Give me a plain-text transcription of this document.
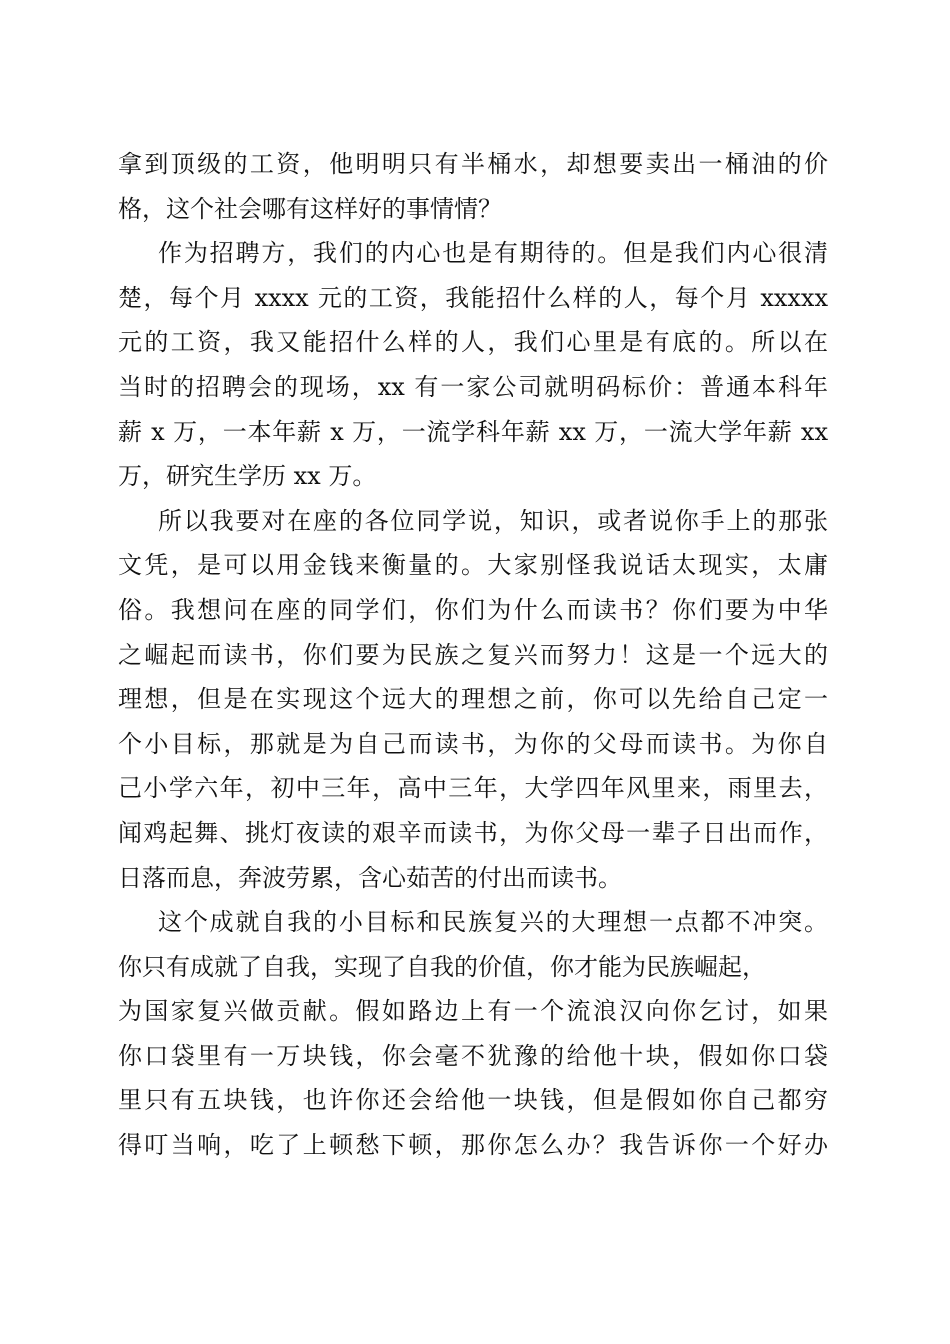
拿到顶级的工资，他明明只有半桶水，却想要卖出一桶油的价
格，这个社会哪有这样好的事情情？
作为招聘方，我们的内心也是有期待的。但是我们内心很清
楚，每个月 xxxx 元的工资，我能招什么样的人，每个月 xxxxx
元的工资，我又能招什么样的人，我们心里是有底的。所以在
当时的招聘会的现场，xx 有一家公司就明码标价：普通本科年
薪 x 万，一本年薪 x 万，一流学科年薪 xx 万，一流大学年薪 xx
万，研究生学历 xx 万。
所以我要对在座的各位同学说，知识，或者说你手上的那张
文凭，是可以用金钱来衡量的。大家别怪我说话太现实，太庸
俗。我想问在座的同学们，你们为什么而读书？你们要为中华
之崛起而读书，你们要为民族之复兴而努力！这是一个远大的
理想，但是在实现这个远大的理想之前，你可以先给自己定一
个小目标，那就是为自己而读书，为你的父母而读书。为你自
己小学六年，初中三年，高中三年，大学四年风里来，雨里去，
闻鸡起舞、挑灯夜读的艰辛而读书，为你父母一辈子日出而作，
日落而息，奔波劳累，含心茹苦的付出而读书。
这个成就自我的小目标和民族复兴的大理想一点都不冲突。
你只有成就了自我，实现了自我的价值，你才能为民族崛起，
为国家复兴做贡献。假如路边上有一个流浪汉向你乞讨，如果
你口袋里有一万块钱，你会毫不犹豫的给他十块，假如你口袋
里只有五块钱，也许你还会给他一块钱，但是假如你自己都穷
得叮当响，吃了上顿愁下顿，那你怎么办？我告诉你一个好办
